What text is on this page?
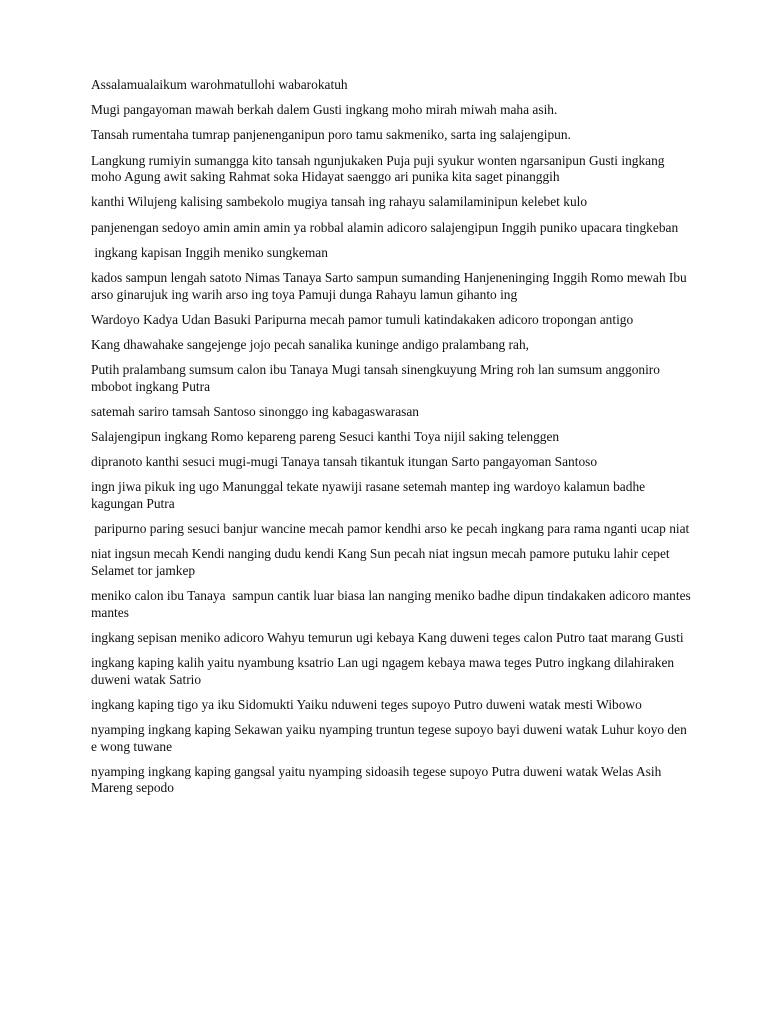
Assalamualaikum warohmatullohi wabarokatuh

Mugi pangayoman mawah berkah dalem Gusti ingkang moho mirah miwah maha asih.

Tansah rumentaha tumrap panjenenganipun poro tamu sakmeniko, sarta ing salajengipun.

Langkung rumiyin sumangga kito tansah ngunjukaken Puja puji syukur wonten ngarsanipun Gusti ingkang moho Agung awit saking Rahmat soka Hidayat saenggo ari punika kita saget pinanggih

kanthi Wilujeng kalising sambekolo mugiya tansah ing rahayu salamilaminipun kelebet kulo

panjenengan sedoyo amin amin amin ya robbal alamin adicoro salajengipun Inggih puniko upacara tingkeban

ingkang kapisan Inggih meniko sungkeman

kados sampun lengah satoto Nimas Tanaya Sarto sampun sumanding Hanjeneninging Inggih Romo mewah Ibu arso ginarujuk ing warih arso ing toya Pamuji dunga Rahayu lamun gihanto ing

Wardoyo Kadya Udan Basuki Paripurna mecah pamor tumuli katindakaken adicoro tropongan antigo

Kang dhawahake sangejenge jojo pecah sanalika kuninge andigo pralambang rah,

Putih pralambang sumsum calon ibu Tanaya Mugi tansah sinengkuyung Mring roh lan sumsum anggoniro mbobot ingkang Putra

satemah sariro tamsah Santoso sinonggo ing kabagaswarasan

Salajengipun ingkang Romo kepareng pareng Sesuci kanthi Toya nijil saking telenggen

dipranoto kanthi sesuci mugi-mugi Tanaya tansah tikantuk itungan Sarto pangayoman Santoso

ingn jiwa pikuk ing ugo Manunggal tekate nyawiji rasane setemah mantep ing wardoyo kalamun badhe kagungan Putra

paripurno paring sesuci banjur wancine mecah pamor kendhi arso ke pecah ingkang para rama nganti ucap niat

niat ingsun mecah Kendi nanging dudu kendi Kang Sun pecah niat ingsun mecah pamore putuku lahir cepet Selamet tor jamkep

meniko calon ibu Tanaya  sampun cantik luar biasa lan nanging meniko badhe dipun tindakaken adicoro mantes mantes

ingkang sepisan meniko adicoro Wahyu temurun ugi kebaya Kang duweni teges calon Putro taat marang Gusti

ingkang kaping kalih yaitu nyambung ksatrio Lan ugi ngagem kebaya mawa teges Putro ingkang dilahiraken duweni watak Satrio

ingkang kaping tigo ya iku Sidomukti Yaiku nduweni teges supoyo Putro duweni watak mesti Wibowo

nyamping ingkang kaping Sekawan yaiku nyamping truntun tegese supoyo bayi duweni watak Luhur koyo den e wong tuwane

nyamping ingkang kaping gangsal yaitu nyamping sidoasih tegese supoyo Putra duweni watak Welas Asih Mareng sepodo
